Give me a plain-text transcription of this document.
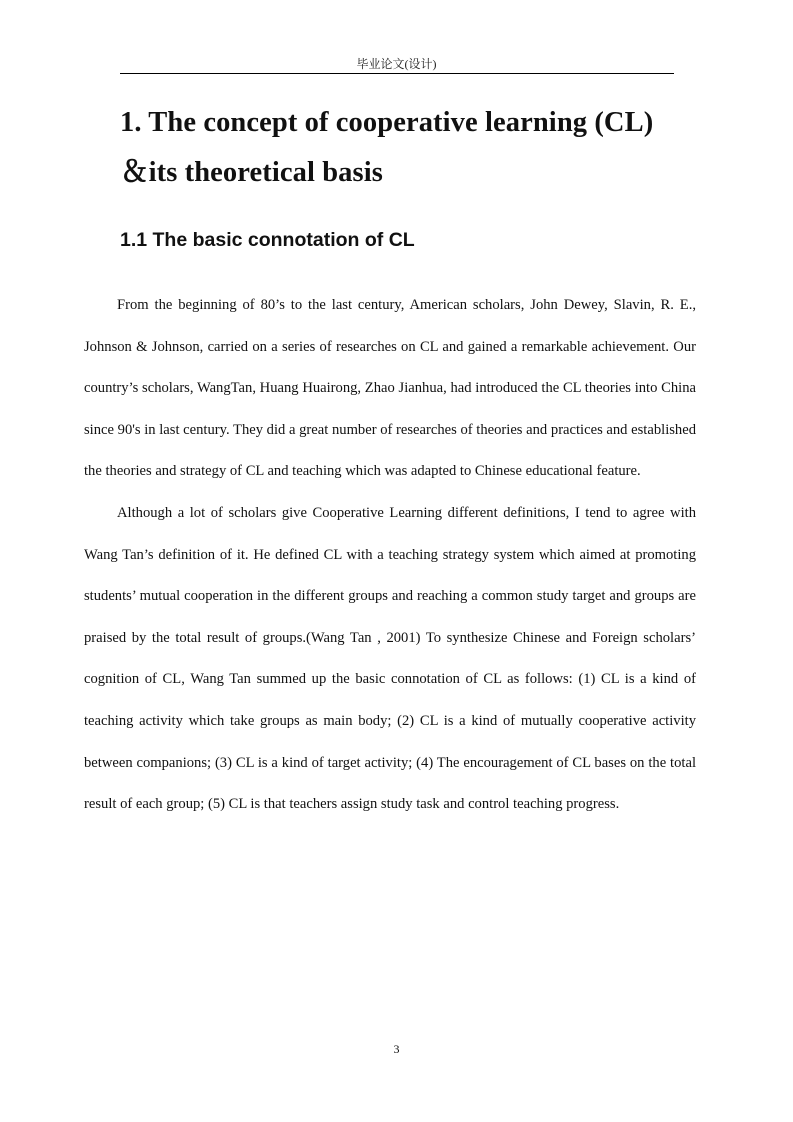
毕业论文(设计)
1. The concept of cooperative learning (CL)
＆its theoretical basis
1.1 The basic connotation of CL

From the beginning of 80’s to the last century, American scholars, John Dewey, Slavin, R. E., Johnson & Johnson, carried on a series of researches on CL and gained a remarkable achievement. Our country’s scholars, WangTan, Huang Huairong, Zhao Jianhua, had introduced the CL theories into China since 90's in last century. They did a great number of researches of theories and practices and established the theories and strategy of CL and teaching which was adapted to Chinese educational feature.

Although a lot of scholars give Cooperative Learning different definitions, I tend to agree with Wang Tan’s definition of it. He defined CL with a teaching strategy system which aimed at promoting students’ mutual cooperation in the different groups and reaching a common study target and groups are praised by the total result of groups.(Wang Tan , 2001) To synthesize Chinese and Foreign scholars’ cognition of CL, Wang Tan summed up the basic connotation of CL as follows: (1) CL is a kind of teaching activity which take groups as main body; (2) CL is a kind of mutually cooperative activity between companions; (3) CL is a kind of target activity; (4) The encouragement of CL bases on the total result of each group; (5) CL is that teachers assign study task and control teaching progress.

3
